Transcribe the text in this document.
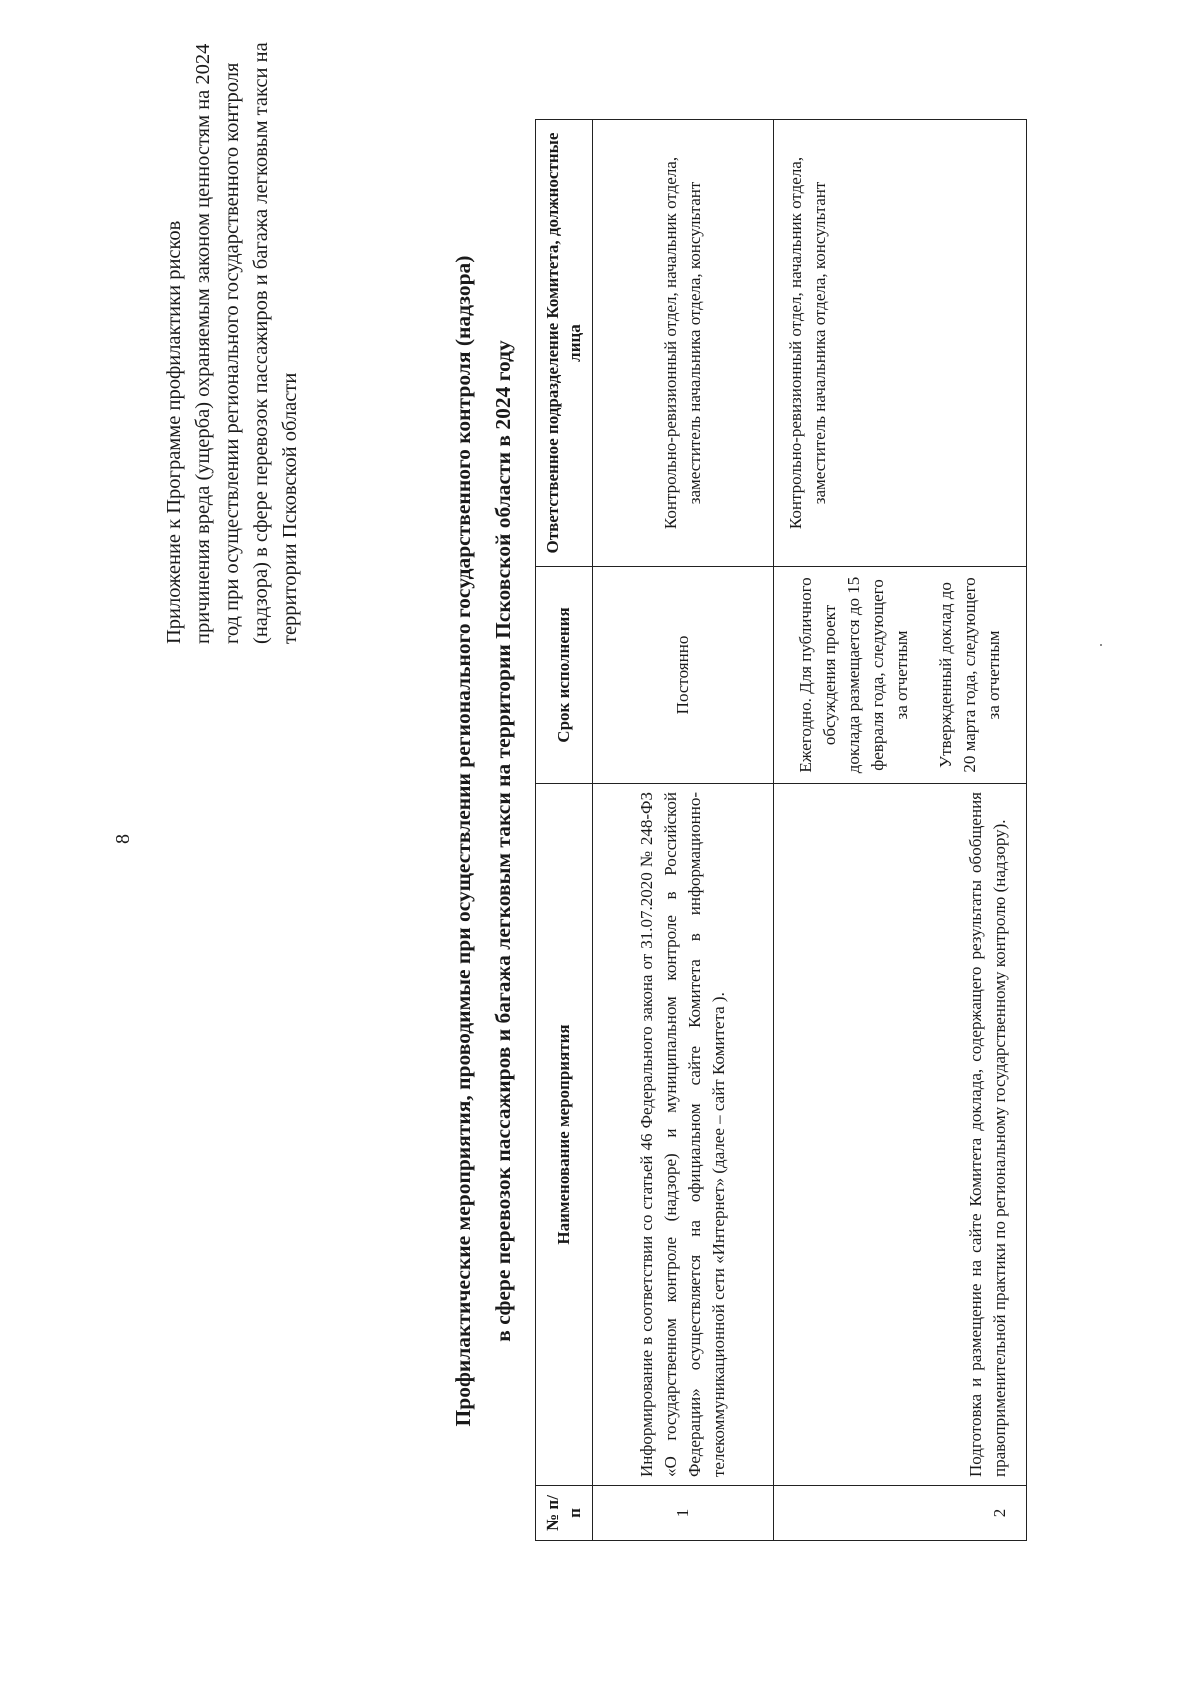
8
Приложение к Программе профилактики рисков причинения вреда (ущерба) охраняемым законом ценностям на 2024 год при осуществлении регионального государственного контроля (надзора) в сфере перевозок пассажиров и багажа легковым такси на территории Псковской области	Профилактические мероприятия, проводимые при осуществлении регионального государственного контроля (надзора) в сфере перевозок пассажиров и багажа легковым такси на территории Псковской области в 2024 году
№ п/п	Наименование мероприятия	Срок исполнения	Ответственное подразделение Комитета, должностные лица
1	Информирование в соответствии со статьей 46 Федерального закона от 31.07.2020 № 248-ФЗ «О государственном контроле (надзоре) и муниципальном контроле в Российской Федерации» осуществляется на официальном сайте Комитета в информационно-телекоммуникационной сети «Интернет» (далее – сайт Комитета ).	Постоянно	Контрольно-ревизионный отдел, начальник отдела, заместитель начальника отдела, консультант
2	Подготовка и размещение на сайте Комитета доклада, содержащего результаты обобщения правоприменительной практики по региональному государственному контролю (надзору).	Ежегодно. Для публичного обсуждения проект доклада размещается до 15 февраля года, следующего за отчетным Утвержденный доклад до 20 марта года, следующего за отчетным	Контрольно-ревизионный отдел, начальник отдела, заместитель начальника отдела, консультант
